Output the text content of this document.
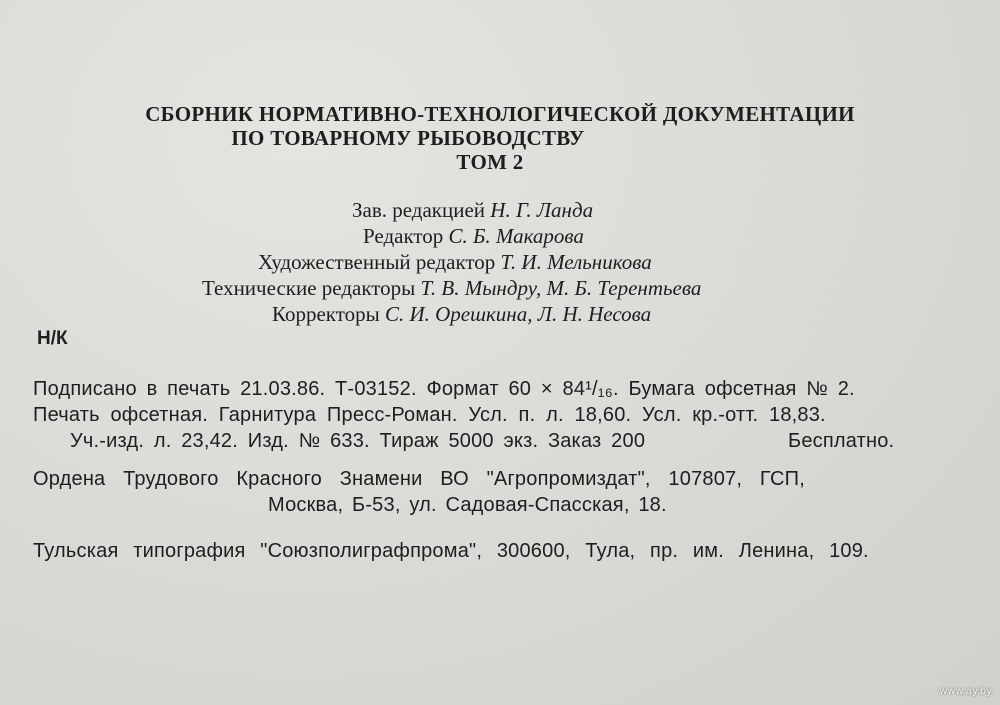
СБОРНИК НОРМАТИВНО-ТЕХНОЛОГИЧЕСКОЙ ДОКУМЕНТАЦИИ
ПО ТОВАРНОМУ РЫБОВОДСТВУ
ТОМ 2
Зав. редакцией Н. Г. Ланда
Редактор С. Б. Макарова
Художественный редактор Т. И. Мельникова
Технические редакторы Т. В. Мындру, М. Б. Терентьева
Корректоры С. И. Орешкина, Л. Н. Несова
Н/К
Подписано в печать 21.03.86. Т-03152. Формат 60 × 84¹/₁₆. Бумага офсетная № 2.
Печать офсетная. Гарнитура Пресс-Роман. Усл. п. л. 18,60. Усл. кр.-отт. 18,83.
Уч.-изд. л. 23,42. Изд. № 633. Тираж 5000 экз. Заказ 200	Бесплатно.
Ордена Трудового Красного Знамени ВО "Агропромиздат", 107807, ГСП,
Москва, Б-53, ул. Садовая-Спасская, 18.
Тульская типография "Союзполиграфпрома", 300600, Тула, пр. им. Ленина, 109.
www.ay.by
